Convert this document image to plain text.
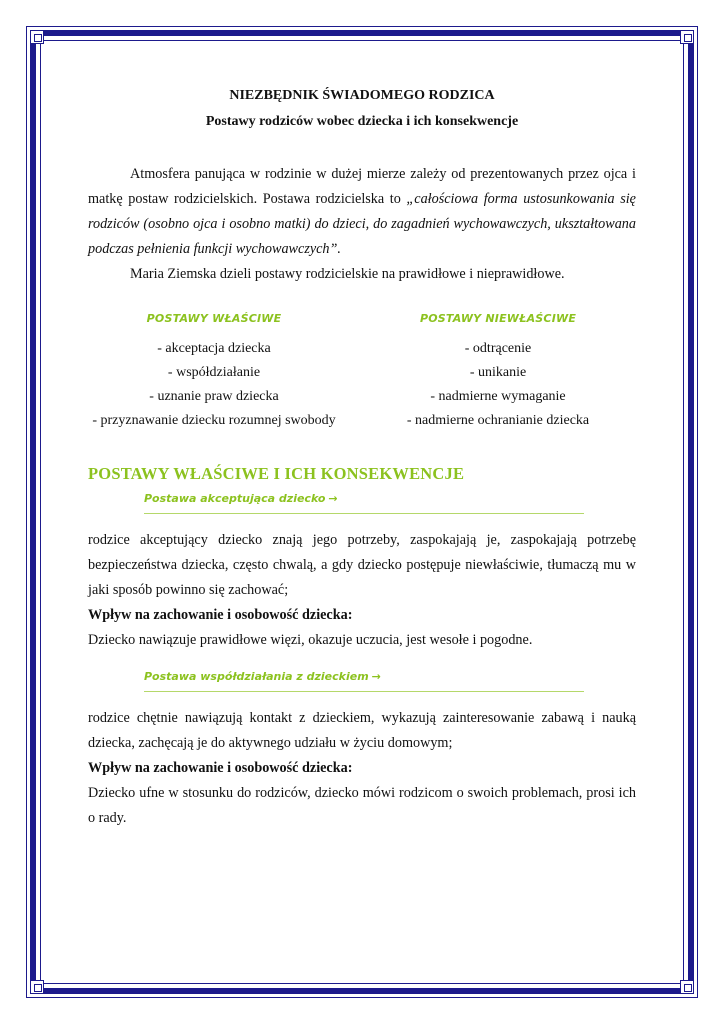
NIEZBĘDNIK ŚWIADOMEGO RODZICA
Postawy rodziców wobec dziecka i ich konsekwencje

Atmosfera panująca w rodzinie w dużej mierze zależy od prezentowanych przez ojca i matkę postaw rodzicielskich. Postawa rodzicielska to „całościowa forma ustosunkowania się rodziców (osobno ojca i osobno matki) do dzieci, do zagadnień wychowawczych, ukształtowana podczas pełnienia funkcji wychowawczych”.

Maria Ziemska dzieli postawy rodzicielskie na prawidłowe i nieprawidłowe.

POSTAWY WŁAŚCIWE
- akceptacja dziecka
- współdziałanie
- uznanie praw dziecka
- przyznawanie dziecku rozumnej swobody
POSTAWY NIEWŁAŚCIWE
- odtrącenie
- unikanie
- nadmierne wymaganie
- nadmierne ochranianie dziecka
POSTAWY WŁAŚCIWE I ICH KONSEKWENCJE
Postawa akceptująca dziecko →

rodzice akceptujący dziecko znają jego potrzeby, zaspokajają je, zaspokajają potrzebę bezpieczeństwa dziecka, często chwalą, a gdy dziecko postępuje niewłaściwie, tłumaczą mu w jaki sposób powinno się zachować;

Wpływ na zachowanie i osobowość dziecka:
Dziecko nawiązuje prawidłowe więzi, okazuje uczucia, jest wesołe i pogodne.
Postawa współdziałania z dzieckiem →

rodzice chętnie nawiązują kontakt z dzieckiem, wykazują zainteresowanie zabawą i nauką dziecka, zachęcają je do aktywnego udziału w życiu domowym;

Wpływ na zachowanie i osobowość dziecka:
Dziecko ufne w stosunku do rodziców, dziecko mówi rodzicom o swoich problemach, prosi ich o rady.
